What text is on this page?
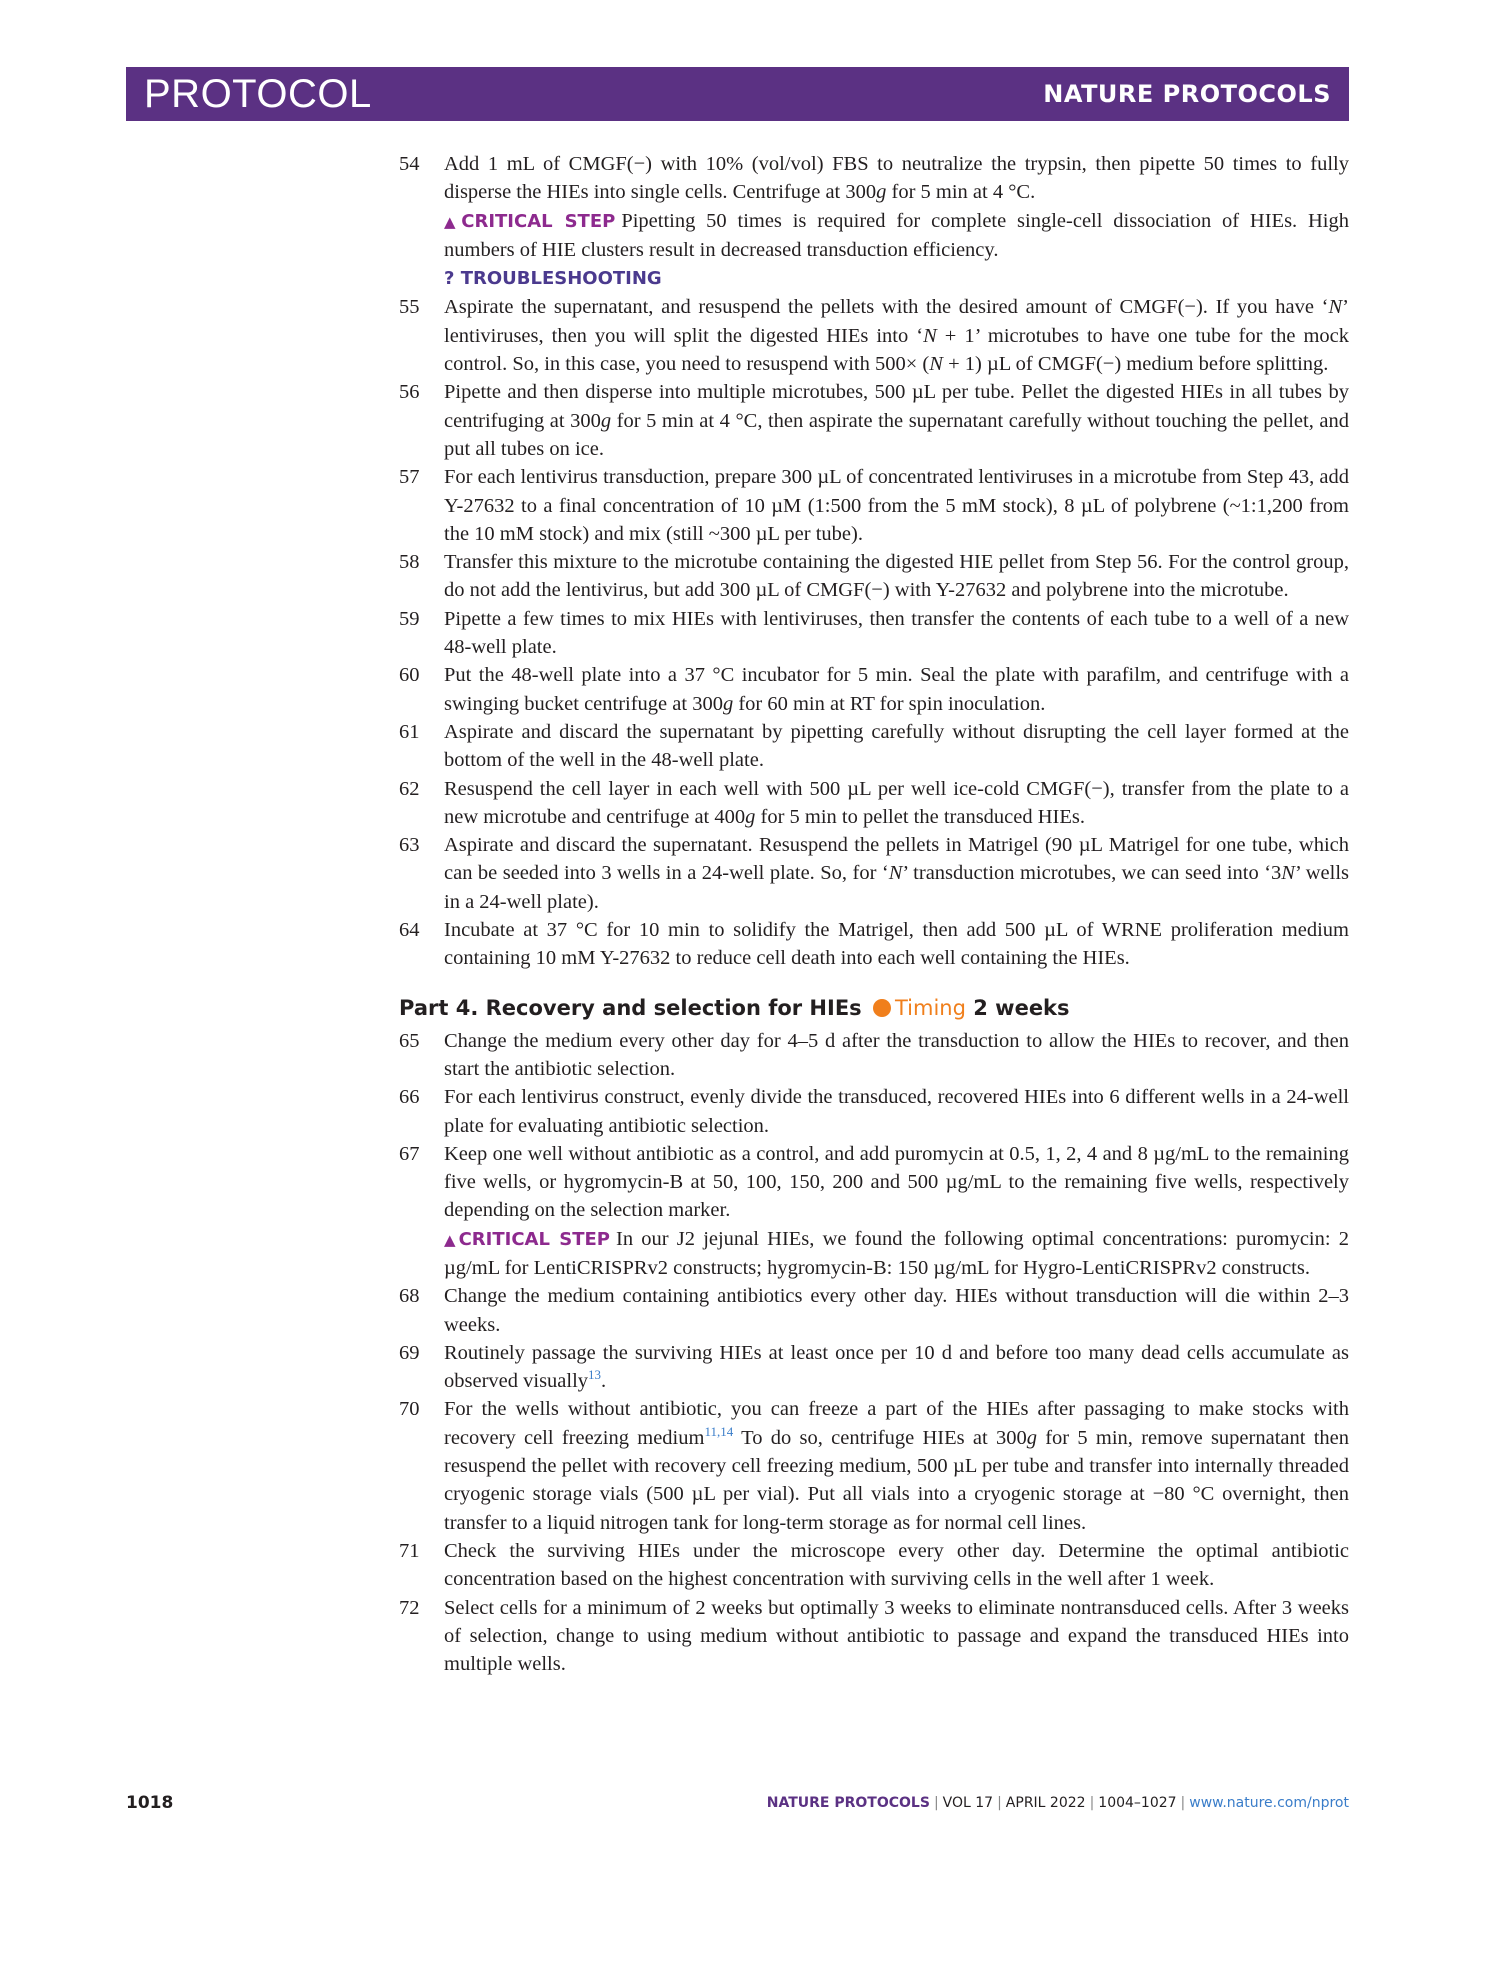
PROTOCOL	NATURE PROTOCOLS
54 Add 1 mL of CMGF(−) with 10% (vol/vol) FBS to neutralize the trypsin, then pipette 50 times to fully disperse the HIEs into single cells. Centrifuge at 300g for 5 min at 4 °C.
▲CRITICAL STEP Pipetting 50 times is required for complete single-cell dissociation of HIEs. High numbers of HIE clusters result in decreased transduction efficiency.
? TROUBLESHOOTING
55 Aspirate the supernatant, and resuspend the pellets with the desired amount of CMGF(−). If you have ‘N’ lentiviruses, then you will split the digested HIEs into ‘N + 1’ microtubes to have one tube for the mock control. So, in this case, you need to resuspend with 500× (N + 1) µL of CMGF(−) medium before splitting.
56 Pipette and then disperse into multiple microtubes, 500 µL per tube. Pellet the digested HIEs in all tubes by centrifuging at 300g for 5 min at 4 °C, then aspirate the supernatant carefully without touching the pellet, and put all tubes on ice.
57 For each lentivirus transduction, prepare 300 µL of concentrated lentiviruses in a microtube from Step 43, add Y-27632 to a final concentration of 10 µM (1:500 from the 5 mM stock), 8 µL of polybrene (~1:1,200 from the 10 mM stock) and mix (still ~300 µL per tube).
58 Transfer this mixture to the microtube containing the digested HIE pellet from Step 56. For the control group, do not add the lentivirus, but add 300 µL of CMGF(−) with Y-27632 and polybrene into the microtube.
59 Pipette a few times to mix HIEs with lentiviruses, then transfer the contents of each tube to a well of a new 48-well plate.
60 Put the 48-well plate into a 37 °C incubator for 5 min. Seal the plate with parafilm, and centrifuge with a swinging bucket centrifuge at 300g for 60 min at RT for spin inoculation.
61 Aspirate and discard the supernatant by pipetting carefully without disrupting the cell layer formed at the bottom of the well in the 48-well plate.
62 Resuspend the cell layer in each well with 500 µL per well ice-cold CMGF(−), transfer from the plate to a new microtube and centrifuge at 400g for 5 min to pellet the transduced HIEs.
63 Aspirate and discard the supernatant. Resuspend the pellets in Matrigel (90 µL Matrigel for one tube, which can be seeded into 3 wells in a 24-well plate. So, for ‘N’ transduction microtubes, we can seed into ‘3N’ wells in a 24-well plate).
64 Incubate at 37 °C for 10 min to solidify the Matrigel, then add 500 µL of WRNE proliferation medium containing 10 mM Y-27632 to reduce cell death into each well containing the HIEs.
Part 4. Recovery and selection for HIEs Timing 2 weeks
65 Change the medium every other day for 4–5 d after the transduction to allow the HIEs to recover, and then start the antibiotic selection.
66 For each lentivirus construct, evenly divide the transduced, recovered HIEs into 6 different wells in a 24-well plate for evaluating antibiotic selection.
67 Keep one well without antibiotic as a control, and add puromycin at 0.5, 1, 2, 4 and 8 µg/mL to the remaining five wells, or hygromycin-B at 50, 100, 150, 200 and 500 µg/mL to the remaining five wells, respectively depending on the selection marker.
▲CRITICAL STEP In our J2 jejunal HIEs, we found the following optimal concentrations: puromycin: 2 µg/mL for LentiCRISPRv2 constructs; hygromycin-B: 150 µg/mL for Hygro-LentiCRISPRv2 constructs.
68 Change the medium containing antibiotics every other day. HIEs without transduction will die within 2–3 weeks.
69 Routinely passage the surviving HIEs at least once per 10 d and before too many dead cells accumulate as observed visually$^{13}$.
70 For the wells without antibiotic, you can freeze a part of the HIEs after passaging to make stocks with recovery cell freezing medium$^{11,14}$ To do so, centrifuge HIEs at 300g for 5 min, remove supernatant then resuspend the pellet with recovery cell freezing medium, 500 µL per tube and transfer into internally threaded cryogenic storage vials (500 µL per vial). Put all vials into a cryogenic storage at −80 °C overnight, then transfer to a liquid nitrogen tank for long-term storage as for normal cell lines.
71 Check the surviving HIEs under the microscope every other day. Determine the optimal antibiotic concentration based on the highest concentration with surviving cells in the well after 1 week.
72 Select cells for a minimum of 2 weeks but optimally 3 weeks to eliminate nontransduced cells. After 3 weeks of selection, change to using medium without antibiotic to passage and expand the transduced HIEs into multiple wells.
1018	NATURE PROTOCOLS | VOL 17 | APRIL 2022 | 1004–1027 | www.nature.com/nprot
